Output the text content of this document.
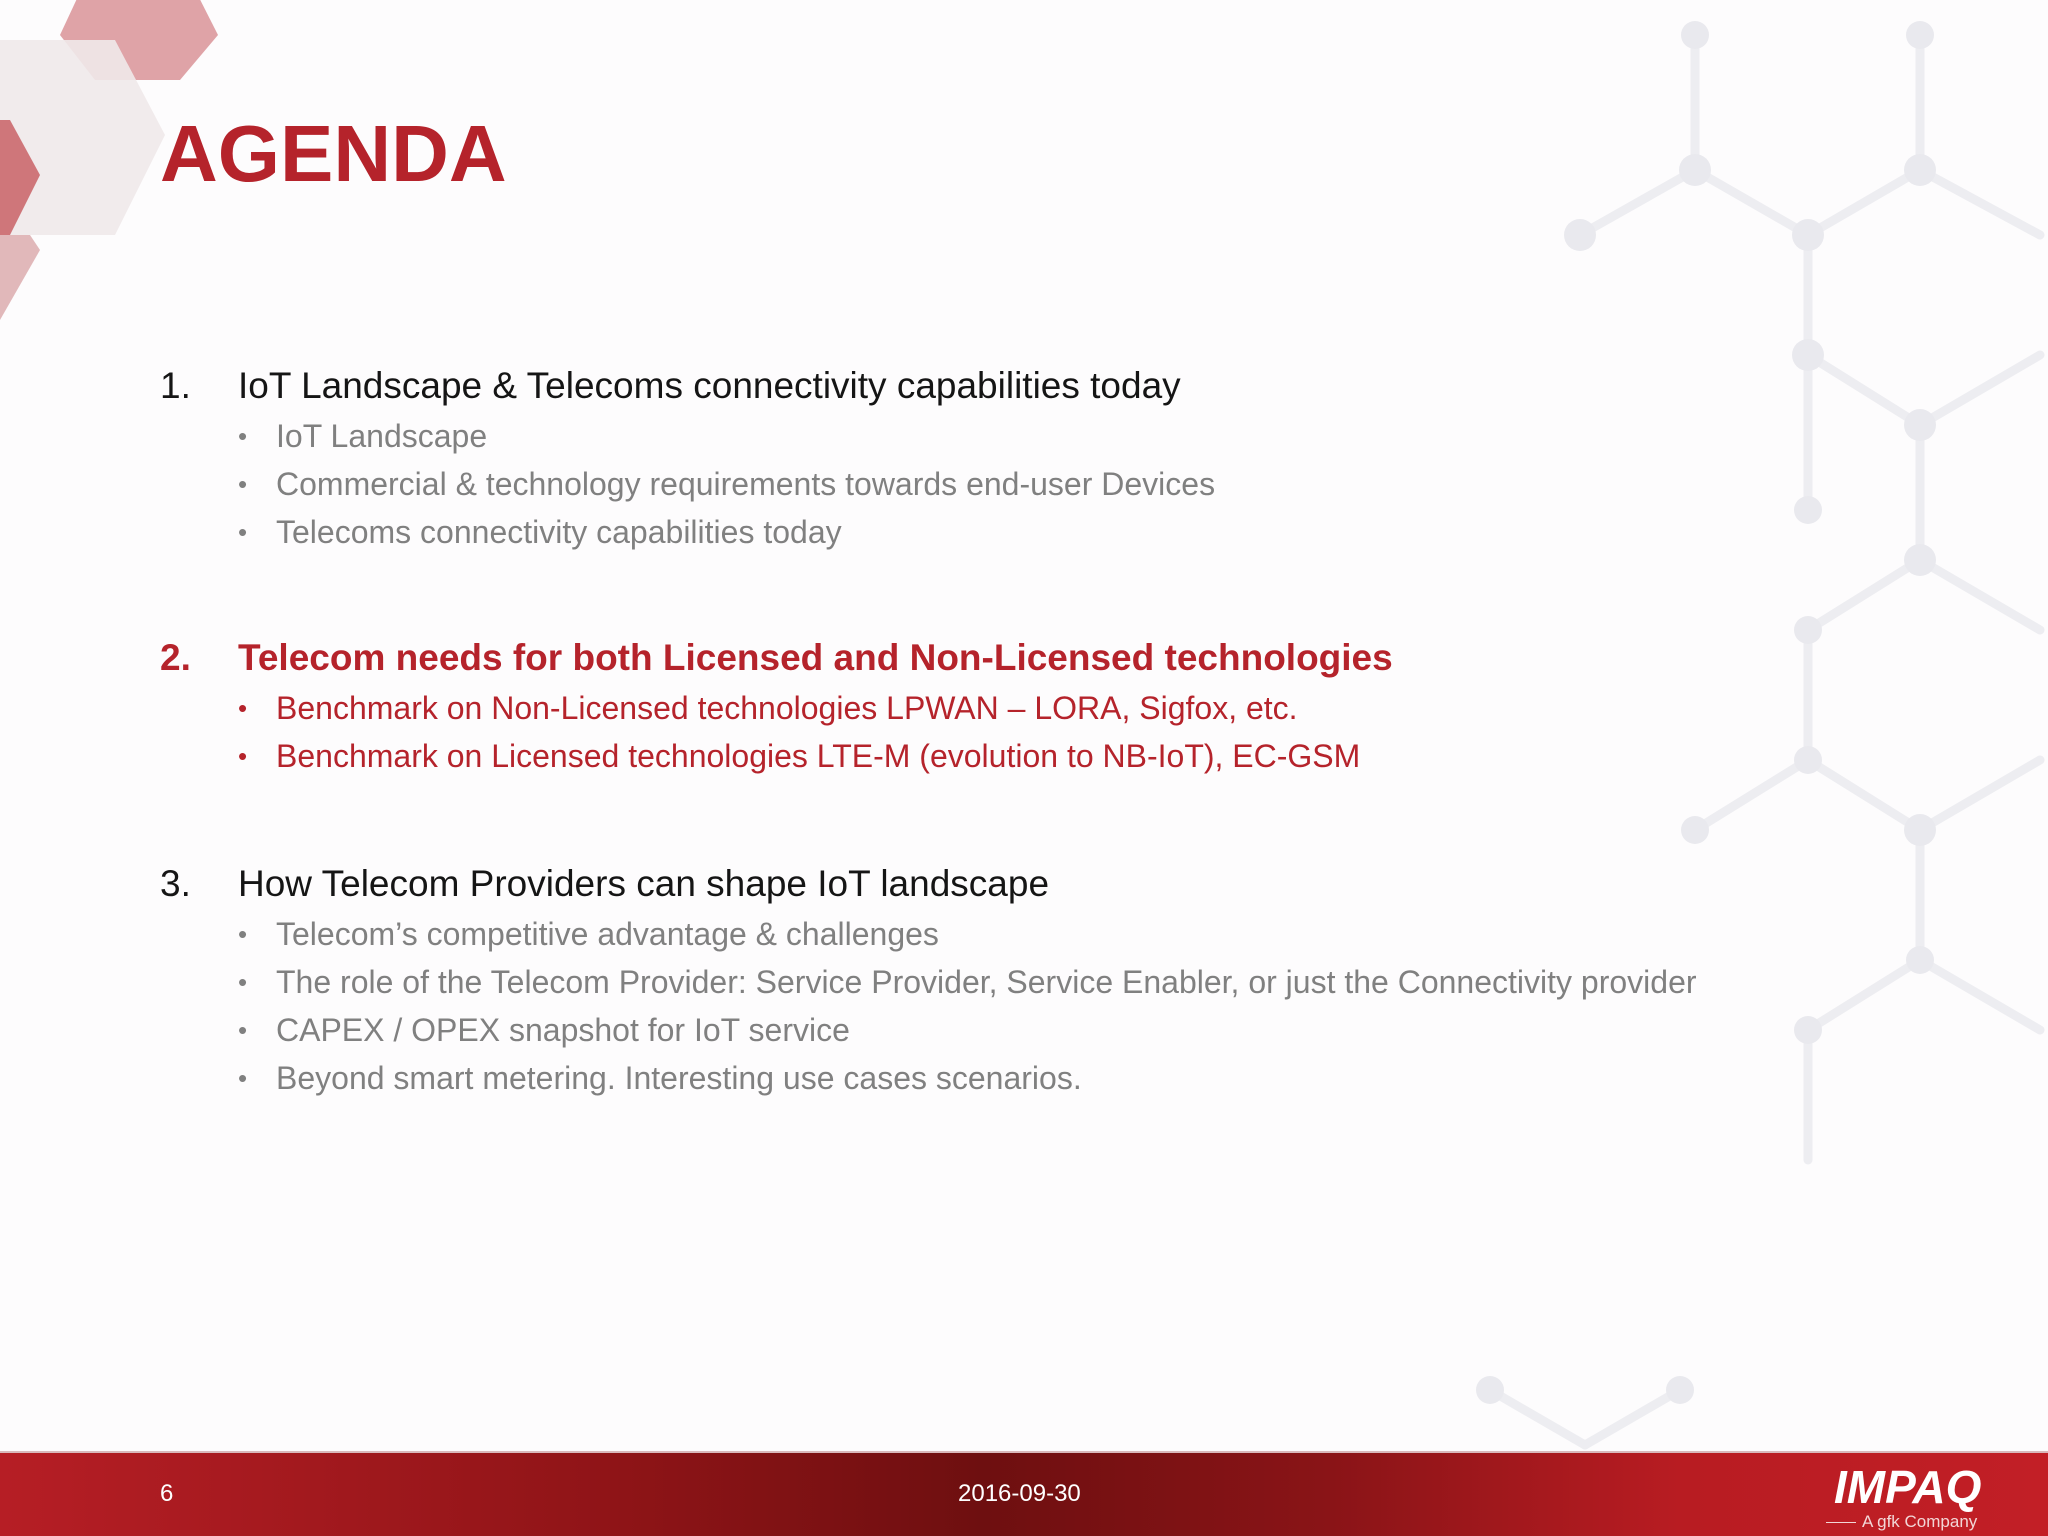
AGENDA
1. IoT Landscape & Telecoms connectivity capabilities today
• IoT Landscape
• Commercial & technology requirements towards end-user Devices
• Telecoms connectivity capabilities today
2. Telecom needs for both Licensed and Non-Licensed technologies
• Benchmark on Non-Licensed technologies LPWAN – LORA, Sigfox, etc.
• Benchmark on Licensed technologies LTE-M (evolution to NB-IoT), EC-GSM
3. How Telecom Providers can shape IoT landscape
• Telecom’s competitive advantage & challenges
• The role of the Telecom Provider: Service Provider, Service Enabler, or just the Connectivity provider
• CAPEX / OPEX snapshot for IoT service
• Beyond smart metering. Interesting use cases scenarios.
6	2016-09-30	IMPAQ
A gfk Company
